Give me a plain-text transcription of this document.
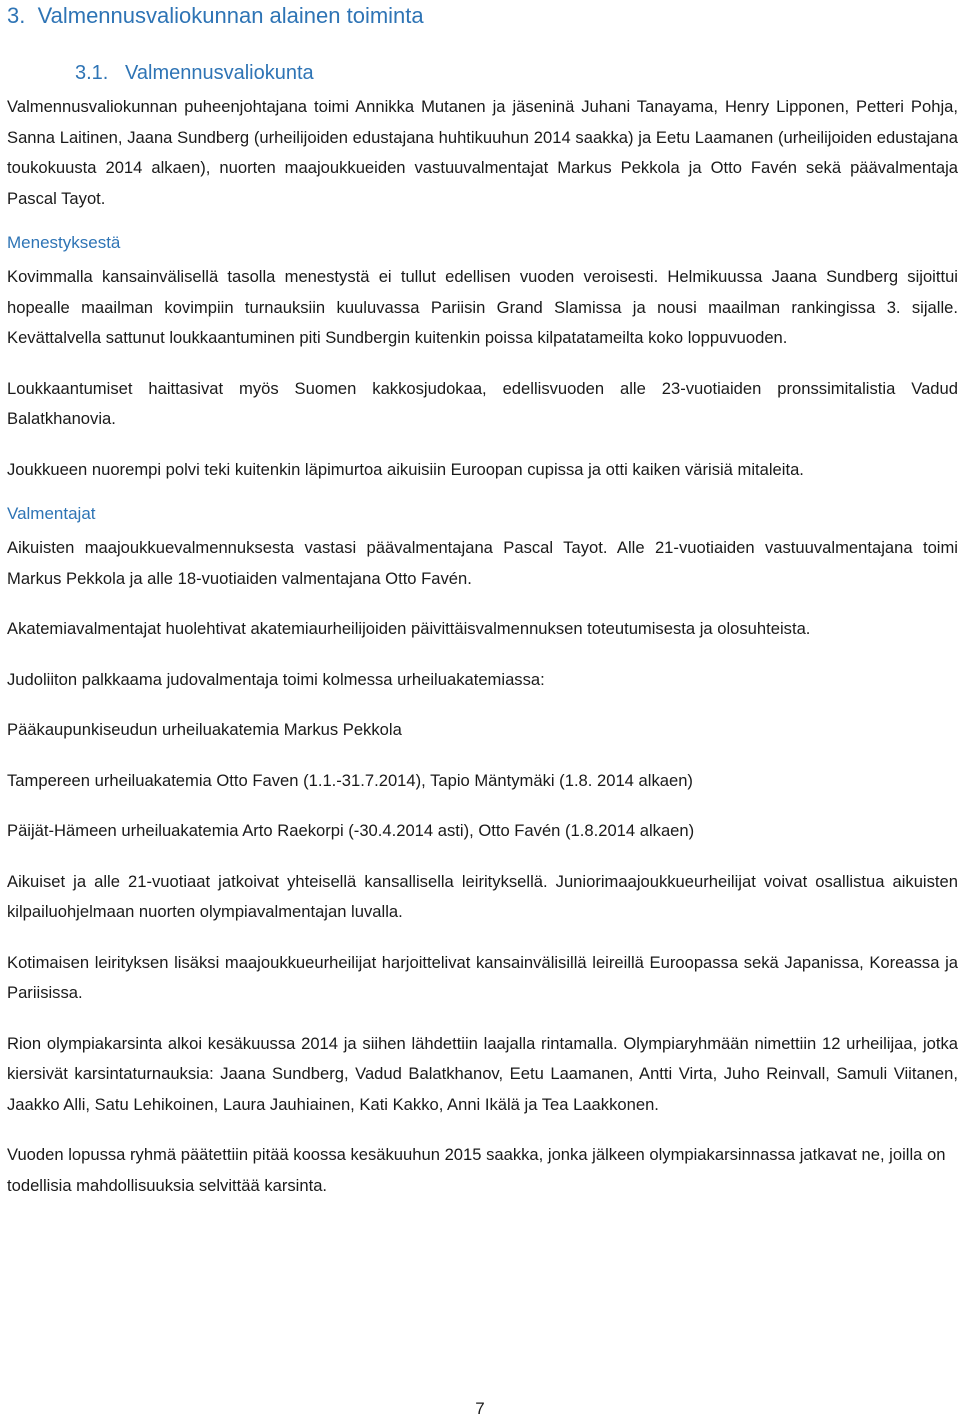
3.  Valmennusvaliokunnan alainen toiminta
3.1.   Valmennusvaliokunta

Valmennusvaliokunnan puheenjohtajana toimi Annikka Mutanen ja jäseninä Juhani Tanayama, Henry Lipponen, Petteri Pohja, Sanna Laitinen, Jaana Sundberg (urheilijoiden edustajana huhtikuuhun 2014 saakka) ja Eetu Laamanen (urheilijoiden edustajana toukokuusta 2014 alkaen), nuorten maajoukkueiden vastuuvalmentajat Markus Pekkola ja Otto Favén sekä päävalmentaja Pascal Tayot.

Menestyksestä

Kovimmalla kansainvälisellä tasolla menestystä ei tullut edellisen vuoden veroisesti. Helmikuussa Jaana Sundberg sijoittui hopealle maailman kovimpiin turnauksiin kuuluvassa Pariisin Grand Slamissa ja nousi maailman rankingissa 3. sijalle. Kevättalvella sattunut loukkaantuminen piti Sundbergin kuitenkin poissa kilpatatameilta koko loppuvuoden.

Loukkaantumiset haittasivat myös Suomen kakkosjudokaa, edellisvuoden alle 23-vuotiaiden pronssimitalistia Vadud Balatkhanovia.

Joukkueen nuorempi polvi teki kuitenkin läpimurtoa aikuisiin Euroopan cupissa ja otti kaiken värisiä mitaleita.

Valmentajat

Aikuisten maajoukkuevalmennuksesta vastasi päävalmentajana Pascal Tayot. Alle 21-vuotiaiden vastuuvalmentajana toimi Markus Pekkola ja alle 18-vuotiaiden valmentajana Otto Favén.

Akatemiavalmentajat huolehtivat akatemiaurheilijoiden päivittäisvalmennuksen toteutumisesta ja olosuhteista.

Judoliiton palkkaama judovalmentaja toimi kolmessa urheiluakatemiassa:

Pääkaupunkiseudun urheiluakatemia Markus Pekkola

Tampereen urheiluakatemia Otto Faven (1.1.-31.7.2014), Tapio Mäntymäki (1.8. 2014 alkaen)

Päijät-Hämeen urheiluakatemia Arto Raekorpi (-30.4.2014 asti), Otto Favén (1.8.2014 alkaen)

Aikuiset ja alle 21-vuotiaat jatkoivat yhteisellä kansallisella leirityksellä. Juniorimaajoukkueurheilijat voivat osallistua aikuisten kilpailuohjelmaan nuorten olympiavalmentajan luvalla.

Kotimaisen leirityksen lisäksi maajoukkueurheilijat harjoittelivat kansainvälisillä leireillä Euroopassa sekä Japanissa, Koreassa ja Pariisissa.

Rion olympiakarsinta alkoi kesäkuussa 2014 ja siihen lähdettiin laajalla rintamalla. Olympiaryhmään nimettiin 12 urheilijaa, jotka kiersivät karsintaturnauksia: Jaana Sundberg, Vadud Balatkhanov, Eetu Laamanen, Antti Virta, Juho Reinvall, Samuli Viitanen, Jaakko Alli, Satu Lehikoinen, Laura Jauhiainen, Kati Kakko, Anni Ikälä ja Tea Laakkonen.

Vuoden lopussa ryhmä päätettiin pitää koossa kesäkuuhun 2015 saakka, jonka jälkeen olympiakarsinnassa jatkavat ne, joilla on todellisia mahdollisuuksia selvittää karsinta.

7
